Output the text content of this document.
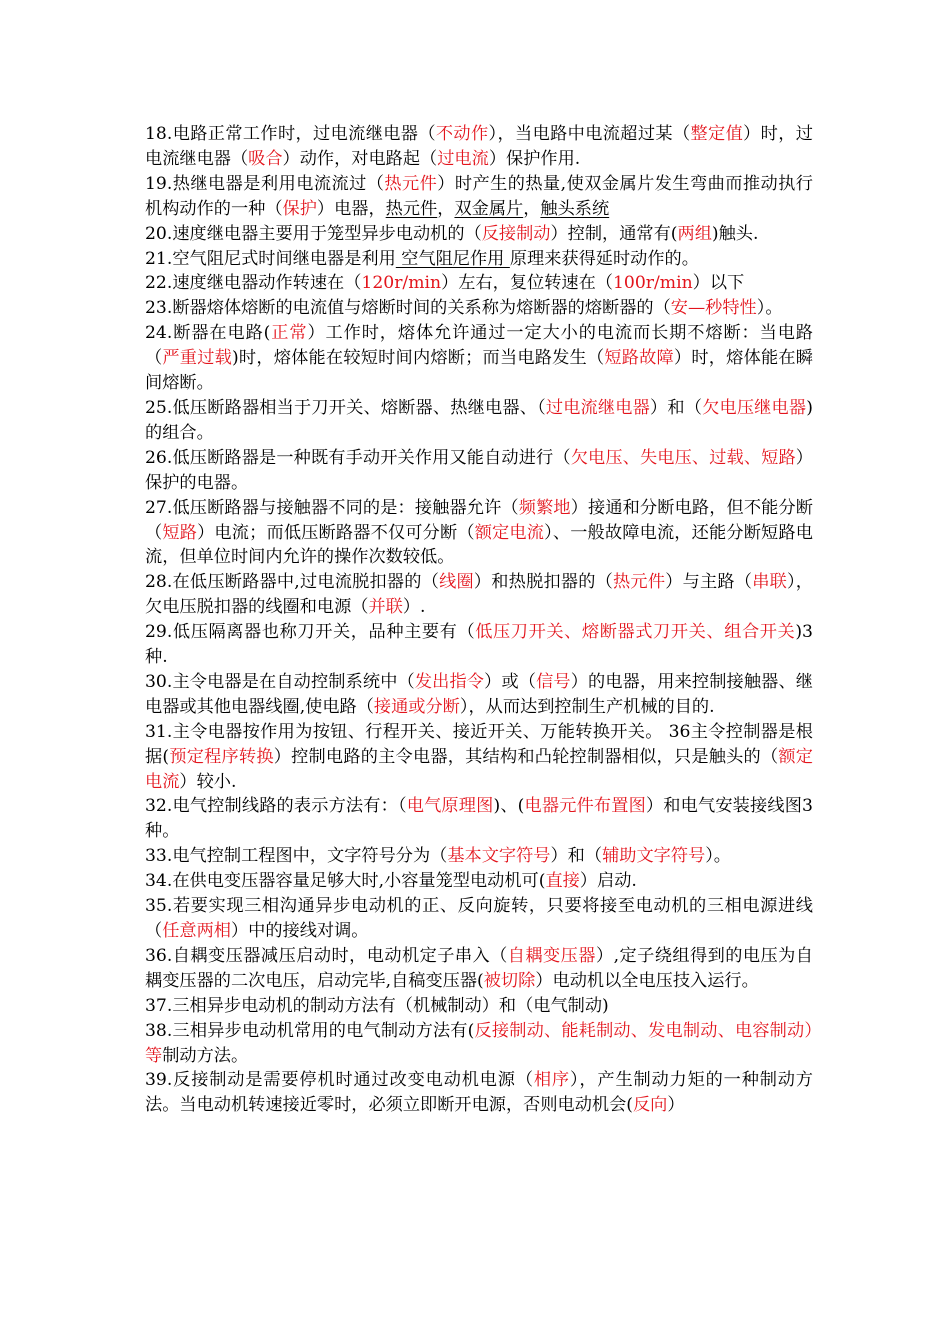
18.电路正常工作时，过电流继电器（不动作），当电路中电流超过某（整定值）时，过电流继电器（吸合）动作，对电路起（过电流）保护作用.

19.热继电器是利用电流流过（热元件）时产生的热量,使双金属片发生弯曲而推动执行机构动作的一种（保护）电器，热元件，双金属片，触头系统

20.速度继电器主要用于笼型异步电动机的（反接制动）控制，通常有(两组)触头.

21.空气阻尼式时间继电器是利用 空气阻尼作用 原理来获得延时动作的。

22.速度继电器动作转速在（120r/min）左右，复位转速在（100r/min）以下

23.断器熔体熔断的电流值与熔断时间的关系称为熔断器的熔断器的（安—秒特性）。

24.断器在电路(正常）工作时，熔体允许通过一定大小的电流而长期不熔断：当电路（严重过载)时，熔体能在较短时间内熔断；而当电路发生（短路故障）时，熔体能在瞬间熔断。

25.低压断路器相当于刀开关、熔断器、热继电器、（过电流继电器）和（欠电压继电器)的组合。

26.低压断路器是一种既有手动开关作用又能自动进行（欠电压、失电压、过载、短路）保护的电器。

27.低压断路器与接触器不同的是：接触器允许（频繁地）接通和分断电路，但不能分断（短路）电流；而低压断路器不仅可分断（额定电流）、一般故障电流，还能分断短路电流，但单位时间内允许的操作次数较低。

28.在低压断路器中,过电流脱扣器的（线圈）和热脱扣器的（热元件）与主路（串联），欠电压脱扣器的线圈和电源（并联）.

29.低压隔离器也称刀开关，品种主要有（低压刀开关、熔断器式刀开关、组合开关)3种.

30.主令电器是在自动控制系统中（发出指令）或（信号）的电器，用来控制接触器、继电器或其他电器线圈,使电路（接通或分断），从而达到控制生产机械的目的.

31.主令电器按作用为按钮、行程开关、接近开关、万能转换开关。 36主令控制器是根据(预定程序转换）控制电路的主令电器，其结构和凸轮控制器相似，只是触头的（额定电流）较小.

32.电气控制线路的表示方法有：（电气原理图)、(电器元件布置图）和电气安装接线图3种。

33.电气控制工程图中，文字符号分为（基本文字符号）和（辅助文字符号）。

34.在供电变压器容量足够大时,小容量笼型电动机可(直接）启动.

35.若要实现三相沟通异步电动机的正、反向旋转，只要将接至电动机的三相电源进线（任意两相）中的接线对调。

36.自耦变压器减压启动时，电动机定子串入（自耦变压器）,定子绕组得到的电压为自耦变压器的二次电压，启动完毕,自稿变压器(被切除）电动机以全电压技入运行。

37.三相异步电动机的制动方法有（机械制动）和（电气制动)

38.三相异步电动机常用的电气制动方法有(反接制动、能耗制动、发电制动、电容制动）等制动方法。

39.反接制动是需要停机时通过改变电动机电源（相序），产生制动力矩的一种制动方法。当电动机转速接近零时，必须立即断开电源，否则电动机会(反向）
